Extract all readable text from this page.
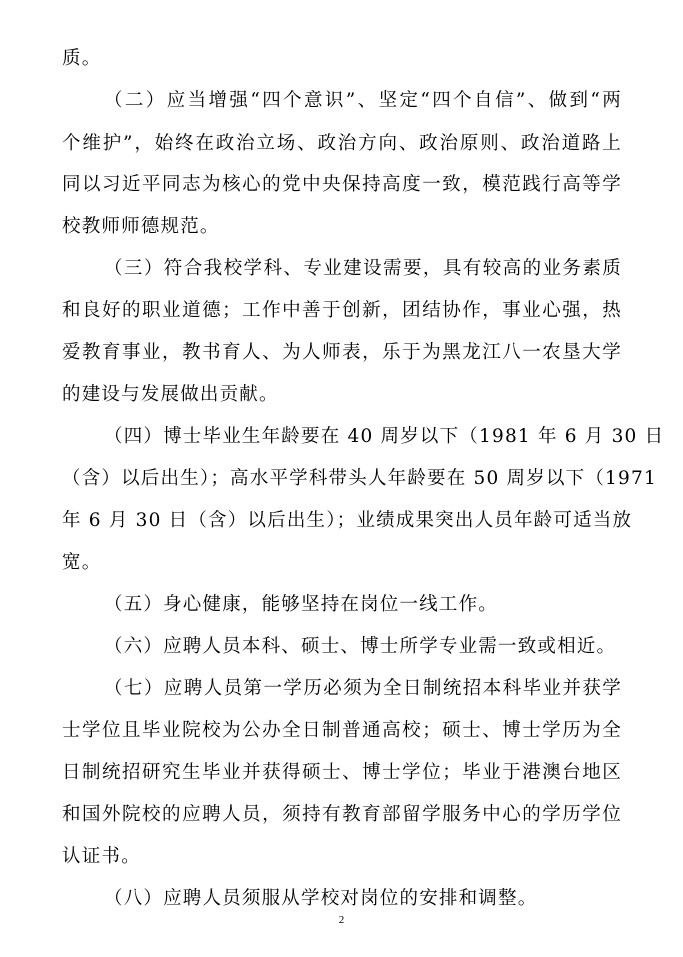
质。
（二）应当增强“四个意识”、坚定“四个自信”、做到“两
个维护”，始终在政治立场、政治方向、政治原则、政治道路上
同以习近平同志为核心的党中央保持高度一致，模范践行高等学
校教师师德规范。
（三）符合我校学科、专业建设需要，具有较高的业务素质
和良好的职业道德；工作中善于创新，团结协作，事业心强，热
爱教育事业，教书育人、为人师表，乐于为黑龙江八一农垦大学
的建设与发展做出贡献。
（四）博士毕业生年龄要在 40 周岁以下（1981 年 6 月 30 日
（含）以后出生）；高水平学科带头人年龄要在 50 周岁以下（1971
年 6 月 30 日（含）以后出生）；业绩成果突出人员年龄可适当放
宽。
（五）身心健康，能够坚持在岗位一线工作。
（六）应聘人员本科、硕士、博士所学专业需一致或相近。
（七）应聘人员第一学历必须为全日制统招本科毕业并获学
士学位且毕业院校为公办全日制普通高校；硕士、博士学历为全
日制统招研究生毕业并获得硕士、博士学位；毕业于港澳台地区
和国外院校的应聘人员，须持有教育部留学服务中心的学历学位
认证书。
（八）应聘人员须服从学校对岗位的安排和调整。
2
